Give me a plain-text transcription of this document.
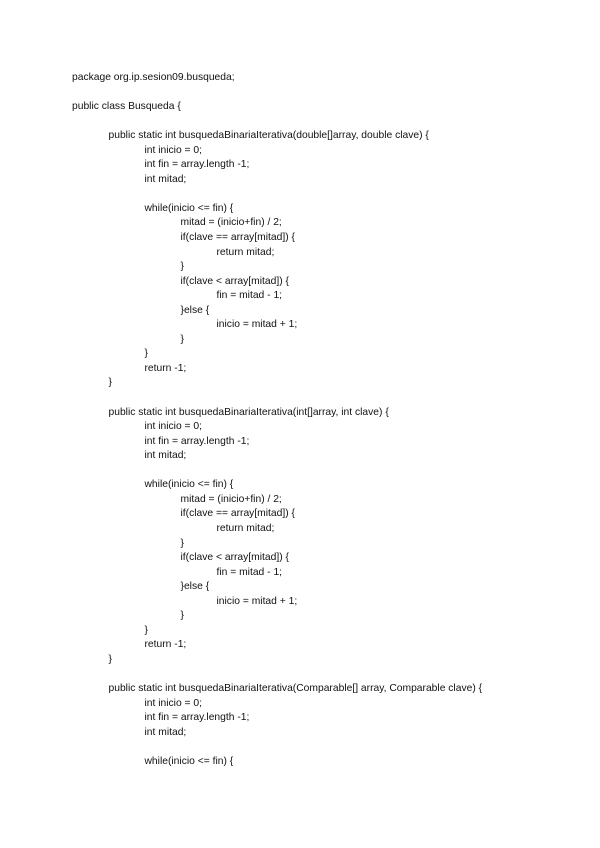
package org.ip.sesion09.busqueda;
public class Busqueda {
public static int busquedaBinariaIterativa(double[]array, double clave) {
int inicio = 0;
int fin = array.length -1;
int mitad;
while(inicio <= fin) {
mitad = (inicio+fin) / 2;
if(clave == array[mitad]) {
return mitad;
}
if(clave < array[mitad]) {
fin = mitad - 1;
}else {
inicio = mitad + 1;
}
}
return -1;
}
public static int busquedaBinariaIterativa(int[]array, int clave) {
int inicio = 0;
int fin = array.length -1;
int mitad;
while(inicio <= fin) {
mitad = (inicio+fin) / 2;
if(clave == array[mitad]) {
return mitad;
}
if(clave < array[mitad]) {
fin = mitad - 1;
}else {
inicio = mitad + 1;
}
}
return -1;
}
public static int busquedaBinariaIterativa(Comparable[] array, Comparable clave) {
int inicio = 0;
int fin = array.length -1;
int mitad;
while(inicio <= fin) {
